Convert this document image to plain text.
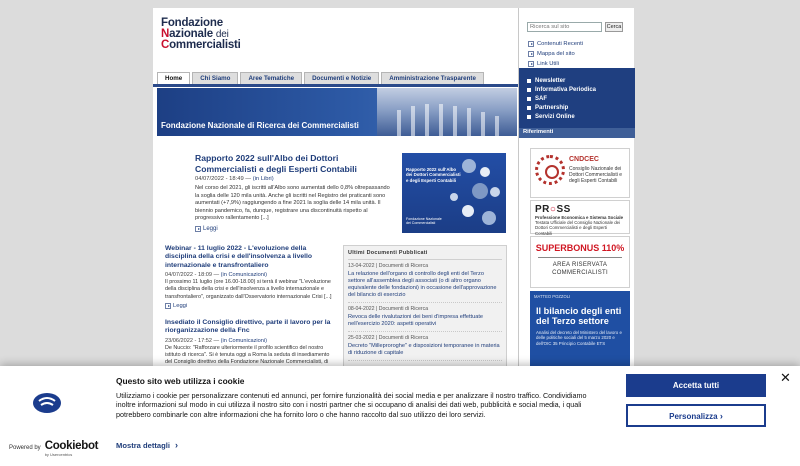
Fondazione
Nazionale dei
Commercialisti
Home	Chi Siamo	Aree Tematiche	Documenti e Notizie	Amministrazione Trasparente
Fondazione Nazionale di Ricerca dei Commercialisti
Rapporto 2022 sull'Albo dei Dottori Commercialisti e degli Esperti Contabili
04/07/2022 - 18:49 — (in Libri)
Nel corso del 2021, gli iscritti all'Albo sono aumentati dello 0,8% oltrepassando la soglia delle 120 mila unità. Anche gli iscritti nel Registro dei praticanti sono aumentati (+7,9%) raggiungendo a fine 2021 la soglia delle 14 mila unità. Il biennio pandemico, fa, dunque, registrare una discontinuità rispetto al progressivo rallentamento [...]
Leggi
Rapporto 2022 sull'Albo dei Dottori Commercialisti e degli Esperti Contabili
Fondazione Nazionale dei Commercialisti
Webinar - 11 luglio 2022 - L'evoluzione della disciplina della crisi e dell'insolvenza a livello internazionale e transfrontaliero
04/07/2022 - 18:09 — (in Comunicazioni)
Il prossimo 11 luglio (ore 16.00-18.00) si terrà il webinar "L'evoluzione della disciplina della crisi e dell'insolvenza a livello internazionale e transfrontaliero", organizzato dall'Osservatorio internazionale Crisi [...]
Leggi
Insediato il Consiglio direttivo, parte il lavoro per la riorganizzazione della Fnc
23/06/2022 - 17:52 — (in Comunicazioni)
De Nuccio: "Rafforzare ulteriormente il profilo scientifico del nostro istituto di ricerca". Si è tenuta oggi a Roma la seduta di insediamento del Consiglio direttivo della Fondazione Nazionale Commercialisti, di
Ultimi Documenti Pubblicati
13-04-2022 | Documenti di Ricerca
La relazione dell'organo di controllo degli enti del Terzo settore all'assemblea degli associati (o di altro organo equivalente delle fondazioni) in occasione dell'approvazione del bilancio di esercizio
08-04-2022 | Documenti di Ricerca
Revoca delle rivalutazioni dei beni d'impresa effettuate nell'esercizio 2020: aspetti operativi
25-03-2022 | Documenti di Ricerca
Decreto "Milleproroghe" e disposizioni temporanee in materia di riduzione di capitale
Ricerca sul sito
Cerca
Contenuti Recenti
Mappa del sito
Link Utili
Newsletter
Informativa Periodica
SAF
Partnership
Servizi Online
Riferimenti
CNDCEC
Consiglio Nazionale dei Dottori Commercialisti e degli Esperti Contabili
PR○SS
Professione Economica e Sistema Sociale
Testata Ufficiale del Consiglio Nazionale dei Dottori Commercialisti e degli Esperti Contabili
SUPERBONUS 110%
AREA RISERVATA
COMMERCIALISTI
MATTEO POZZOLI
Il bilancio degli enti del Terzo settore
Analisi del decreto del Ministero del lavoro e delle politiche sociali del 5 marzo 2020 e dell'OIC 35 Principio Contabile ETS
Powered by Cookiebot
by Usercentrics
Questo sito web utilizza i cookie
Utilizziamo i cookie per personalizzare contenuti ed annunci, per fornire funzionalità dei social media e per analizzare il nostro traffico. Condividiamo inoltre informazioni sul modo in cui utilizza il nostro sito con i nostri partner che si occupano di analisi dei dati web, pubblicità e social media, i quali potrebbero combinarle con altre informazioni che ha fornito loro o che hanno raccolto dal suo utilizzo dei loro servizi.
Mostra dettagli ›
Accetta tutti
Personalizza ›
✕
